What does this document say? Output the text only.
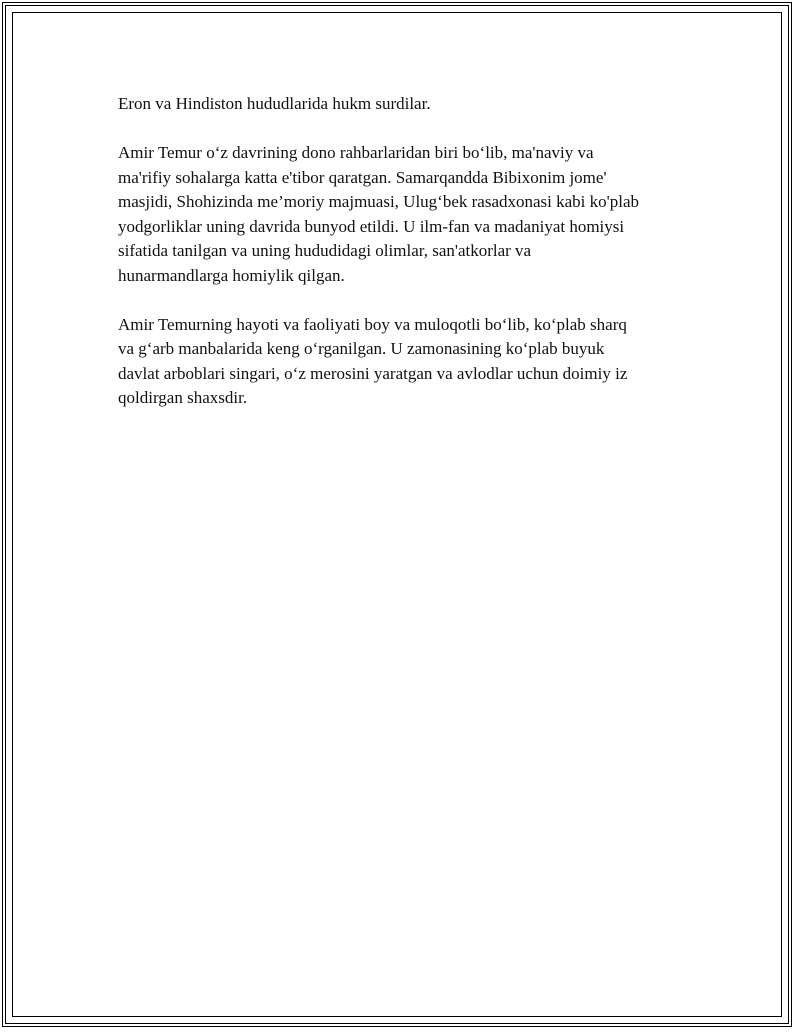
Eron va Hindiston hududlarida hukm surdilar.

Amir Temur o‘z davrining dono rahbarlaridan biri bo‘lib, ma'naviy va
ma'rifiy sohalarga katta e'tibor qaratgan. Samarqandda Bibixonim jome'
masjidi, Shohizinda me’moriy majmuasi, Ulug‘bek rasadxonasi kabi ko'plab
yodgorliklar uning davrida bunyod etildi. U ilm-fan va madaniyat homiysi
sifatida tanilgan va uning hududidagi olimlar, san'atkorlar va
hunarmandlarga homiylik qilgan.

Amir Temurning hayoti va faoliyati boy va muloqotli bo‘lib, ko‘plab sharq
va g‘arb manbalarida keng o‘rganilgan. U zamonasining ko‘plab buyuk
davlat arboblari singari, o‘z merosini yaratgan va avlodlar uchun doimiy iz
qoldirgan shaxsdir.
